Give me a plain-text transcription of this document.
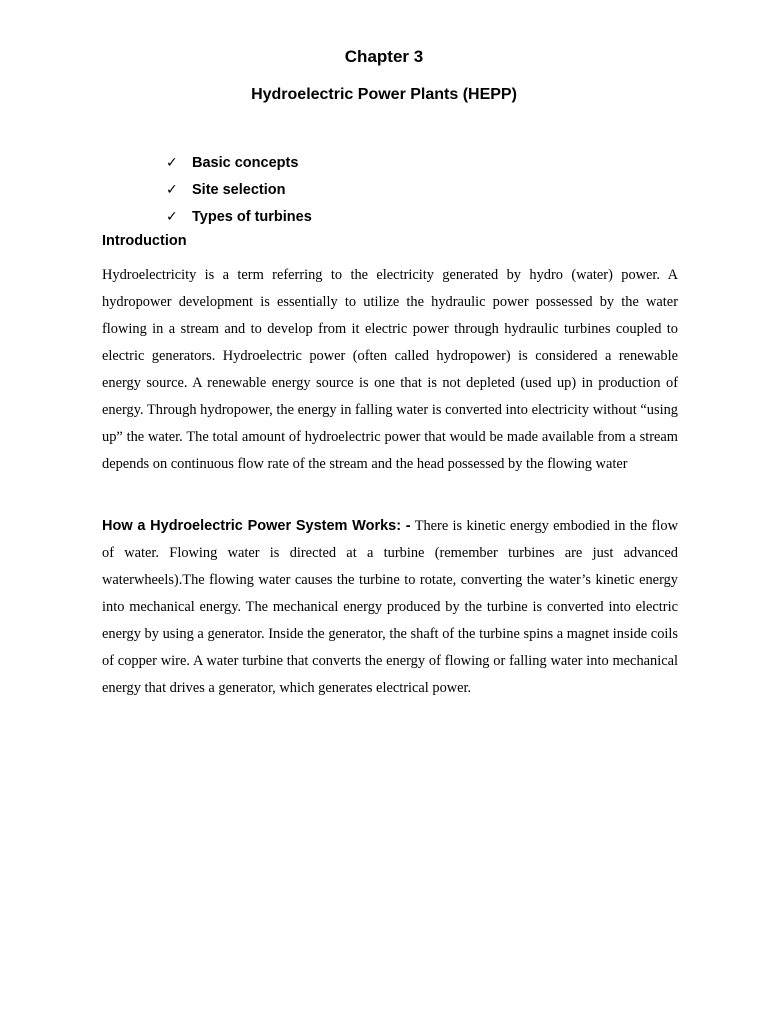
Chapter 3
Hydroelectric Power Plants (HEPP)
✓ Basic concepts
✓ Site selection
✓ Types of turbines
Introduction

Hydroelectricity is a term referring to the electricity generated by hydro (water) power. A hydropower development is essentially to utilize the hydraulic power possessed by the water flowing in a stream and to develop from it electric power through hydraulic turbines coupled to electric generators. Hydroelectric power (often called hydropower) is considered a renewable energy source. A renewable energy source is one that is not depleted (used up) in production of energy. Through hydropower, the energy in falling water is converted into electricity without “using up” the water. The total amount of hydroelectric power that would be made available from a stream depends on continuous flow rate of the stream and the head possessed by the flowing water

How a Hydroelectric Power System Works: - There is kinetic energy embodied in the flow of water. Flowing water is directed at a turbine (remember turbines are just advanced waterwheels).The flowing water causes the turbine to rotate, converting the water’s kinetic energy into mechanical energy. The mechanical energy produced by the turbine is converted into electric energy by using a generator. Inside the generator, the shaft of the turbine spins a magnet inside coils of copper wire. A water turbine that converts the energy of flowing or falling water into mechanical energy that drives a generator, which generates electrical power.
